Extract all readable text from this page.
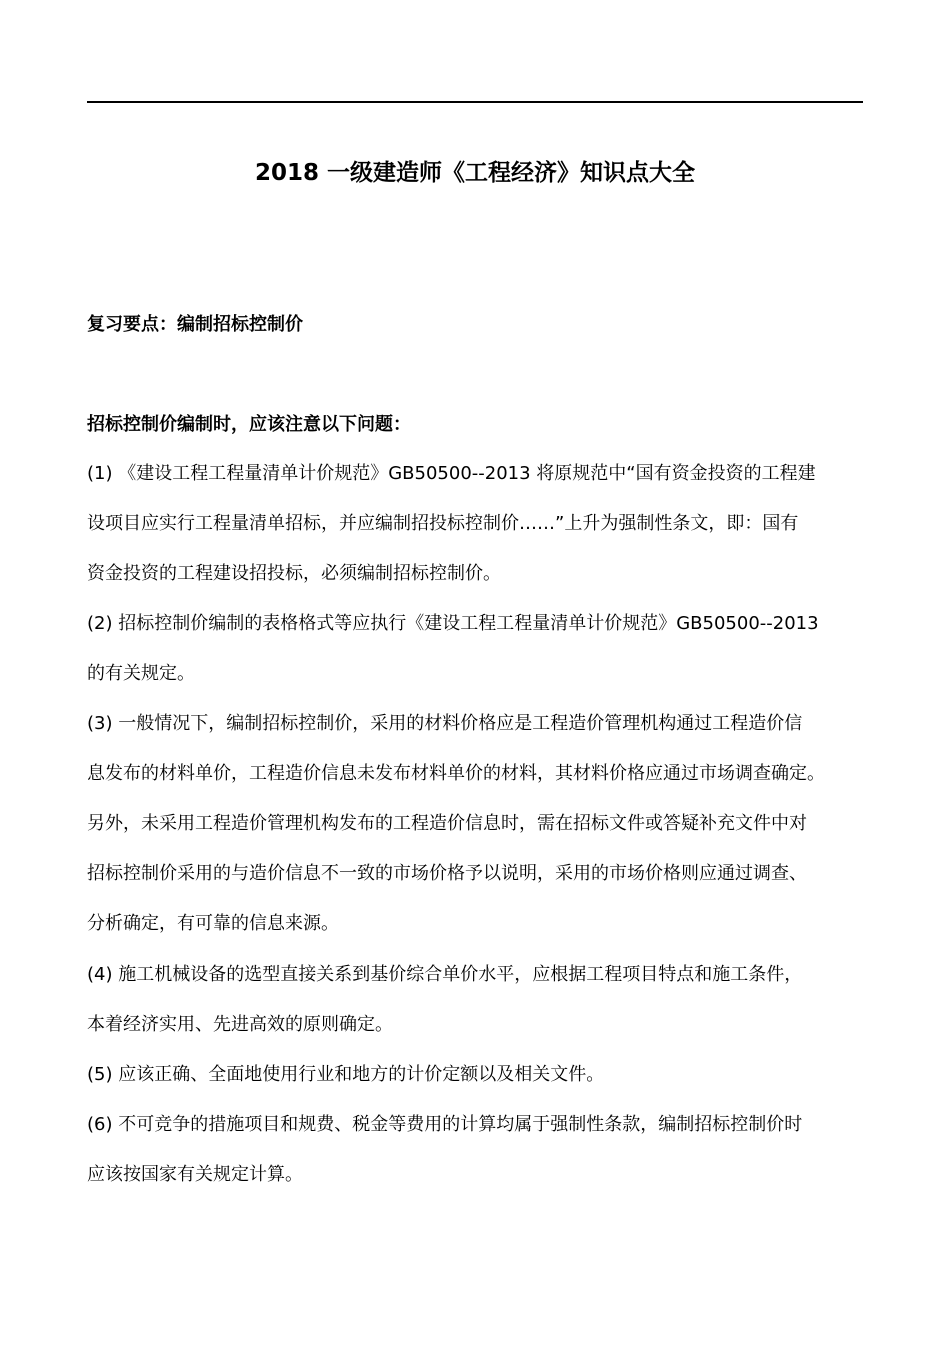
2018 一级建造师《工程经济》知识点大全
复习要点：编制招标控制价
招标控制价编制时，应该注意以下问题：
(1) 《建设工程工程量清单计价规范》GB50500--2013 将原规范中“国有资金投资的工程建
设项目应实行工程量清单招标，并应编制招投标控制价……”上升为强制性条文，即：国有
资金投资的工程建设招投标，必须编制招标控制价。
(2) 招标控制价编制的表格格式等应执行《建设工程工程量清单计价规范》GB50500--2013
的有关规定。
(3) 一般情况下，编制招标控制价，采用的材料价格应是工程造价管理机构通过工程造价信
息发布的材料单价，工程造价信息未发布材料单价的材料，其材料价格应通过市场调查确定。
另外，未采用工程造价管理机构发布的工程造价信息时，需在招标文件或答疑补充文件中对
招标控制价采用的与造价信息不一致的市场价格予以说明，采用的市场价格则应通过调查、
分析确定，有可靠的信息来源。
(4) 施工机械设备的选型直接关系到基价综合单价水平，应根据工程项目特点和施工条件，
本着经济实用、先进高效的原则确定。
(5) 应该正确、全面地使用行业和地方的计价定额以及相关文件。
(6) 不可竞争的措施项目和规费、税金等费用的计算均属于强制性条款，编制招标控制价时
应该按国家有关规定计算。
